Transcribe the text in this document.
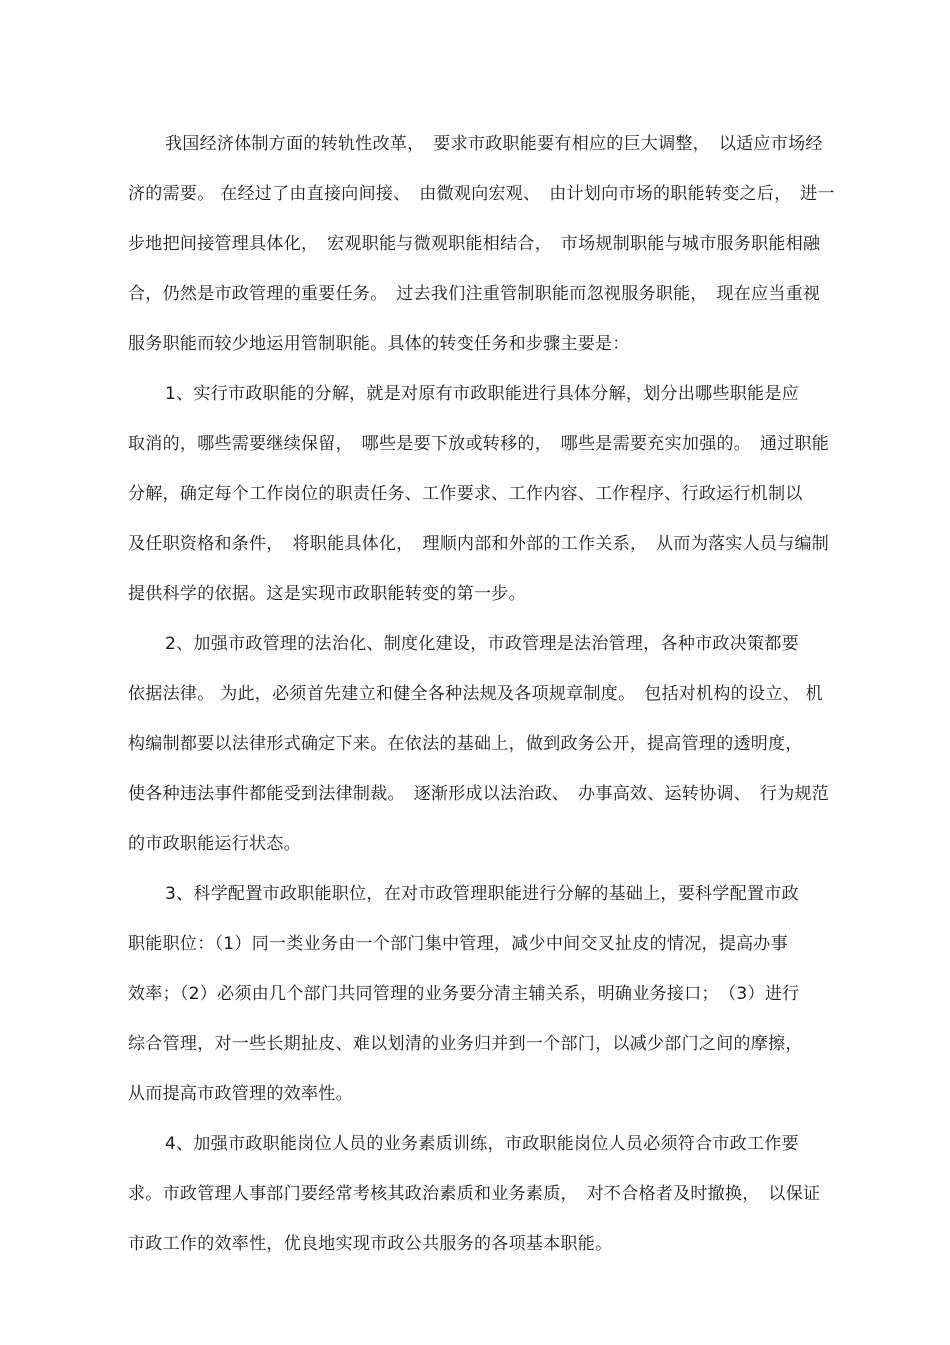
我国经济体制方面的转轨性改革，　要求市政职能要有相应的巨大调整，　以适应市场经
济的需要。 在经过了由直接向间接、　由微观向宏观、　由计划向市场的职能转变之后，　进一
步地把间接管理具体化，　宏观职能与微观职能相结合，　市场规制职能与城市服务职能相融
合，仍然是市政管理的重要任务。　过去我们注重管制职能而忽视服务职能，　现在应当重视
服务职能而较少地运用管制职能。具体的转变任务和步骤主要是：
1、实行市政职能的分解，就是对原有市政职能进行具体分解，划分出哪些职能是应
取消的，哪些需要继续保留，　哪些是要下放或转移的，　哪些是需要充实加强的。　通过职能
分解，确定每个工作岗位的职责任务、工作要求、工作内容、工作程序、行政运行机制以
及任职资格和条件，　将职能具体化，　理顺内部和外部的工作关系，　从而为落实人员与编制
提供科学的依据。这是实现市政职能转变的第一步。
2、加强市政管理的法治化、制度化建设，市政管理是法治管理，各种市政决策都要
依据法律。 为此，必须首先建立和健全各种法规及各项规章制度。　包括对机构的设立、 机
构编制都要以法律形式确定下来。在依法的基础上，做到政务公开，提高管理的透明度，
使各种违法事件都能受到法律制裁。　逐渐形成以法治政、　办事高效、运转协调、　行为规范
的市政职能运行状态。
3、科学配置市政职能职位，在对市政管理职能进行分解的基础上，要科学配置市政
职能职位：（1）同一类业务由一个部门集中管理，减少中间交叉扯皮的情况，提高办事
效率；（2）必须由几个部门共同管理的业务要分清主辅关系，明确业务接口；　（3）进行
综合管理，对一些长期扯皮、难以划清的业务归并到一个部门，以减少部门之间的摩擦，
从而提高市政管理的效率性。
4、加强市政职能岗位人员的业务素质训练，市政职能岗位人员必须符合市政工作要
求。市政管理人事部门要经常考核其政治素质和业务素质，　对不合格者及时撤换，　以保证
市政工作的效率性，优良地实现市政公共服务的各项基本职能。
